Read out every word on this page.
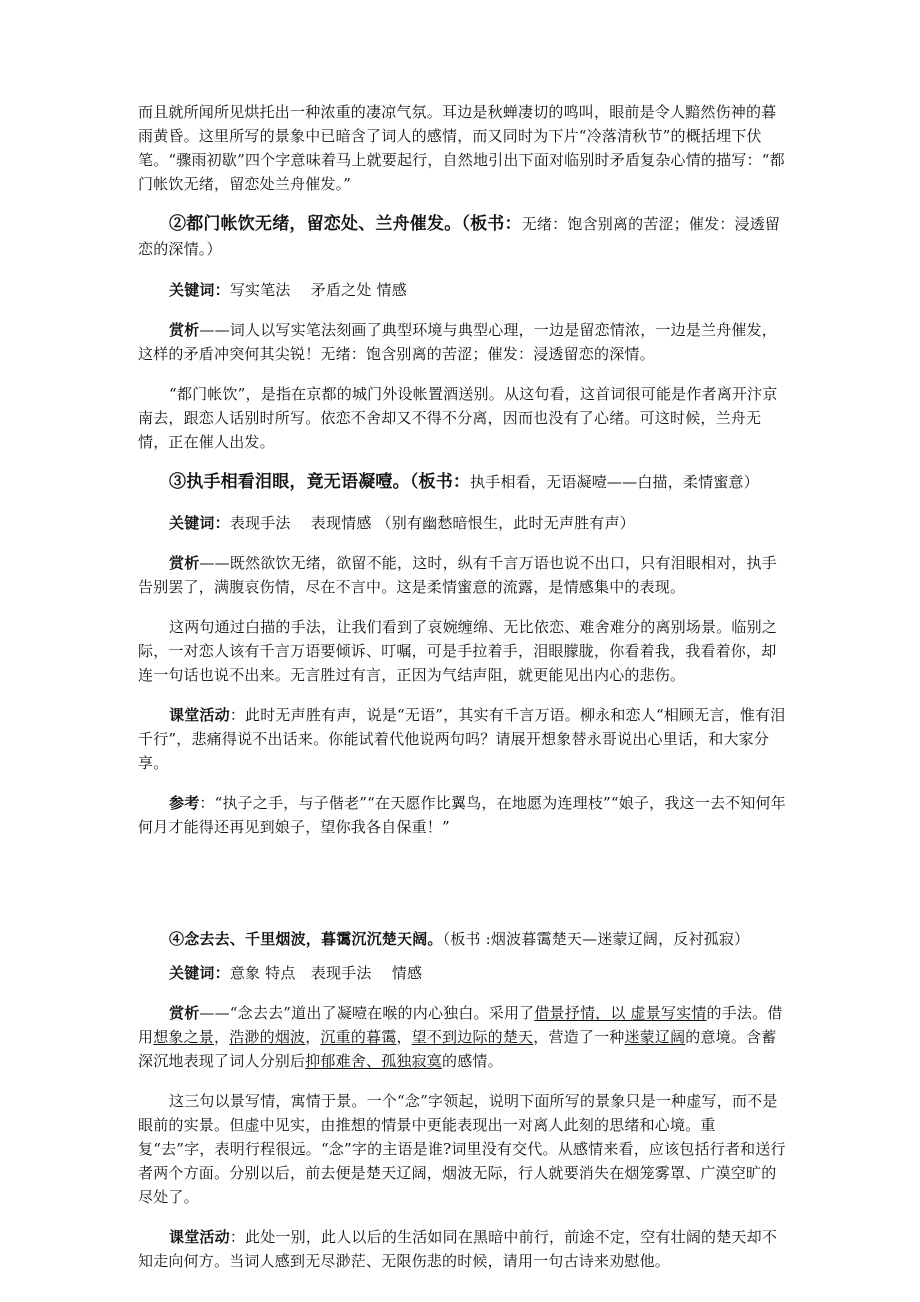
而且就所闻所见烘托出一种浓重的凄凉气氛。耳边是秋蝉凄切的鸣叫，眼前是令人黯然伤神的暮雨黄昏。这里所写的景象中已暗含了词人的感情，而又同时为下片“冷落清秋节”的概括埋下伏笔。“骤雨初歇”四个字意味着马上就要起行，自然地引出下面对临别时矛盾复杂心情的描写：“都门帐饮无绪，留恋处兰舟催发。”

②都门帐饮无绪，留恋处、兰舟催发。（板书：无绪：饱含别离的苦涩；催发：浸透留恋的深情。）

关键词：写实笔法　 矛盾之处 情感

赏析——词人以写实笔法刻画了典型环境与典型心理，一边是留恋情浓，一边是兰舟催发，这样的矛盾冲突何其尖锐！无绪：饱含别离的苦涩；催发：浸透留恋的深情。

“都门帐饮”，是指在京都的城门外设帐置酒送别。从这句看，这首词很可能是作者离开汴京南去，跟恋人话别时所写。依恋不舍却又不得不分离，因而也没有了心绪。可这时候，兰舟无情，正在催人出发。

③执手相看泪眼，竟无语凝噎。（板书：执手相看，无语凝噎——白描，柔情蜜意）

关键词：表现手法　 表现情感 （别有幽愁暗恨生，此时无声胜有声）

赏析——既然欲饮无绪，欲留不能，这时，纵有千言万语也说不出口，只有泪眼相对，执手告别罢了，满腹哀伤情，尽在不言中。这是柔情蜜意的流露，是情感集中的表现。

这两句通过白描的手法，让我们看到了哀婉缠绵、无比依恋、难舍难分的离别场景。临别之际，一对恋人该有千言万语要倾诉、叮嘱，可是手拉着手，泪眼朦胧，你看着我，我看着你，却连一句话也说不出来。无言胜过有言，正因为气结声阻，就更能见出内心的悲伤。

课堂活动：此时无声胜有声，说是“无语”，其实有千言万语。柳永和恋人“相顾无言，惟有泪千行”，悲痛得说不出话来。你能试着代他说两句吗？请展开想象替永哥说出心里话，和大家分享。

参考：“执子之手，与子偕老”“在天愿作比翼鸟，在地愿为连理枝”“娘子，我这一去不知何年何月才能得还再见到娘子，望你我各自保重！”

④念去去、千里烟波，暮霭沉沉楚天阔。（板书 :烟波暮霭楚天—迷蒙辽阔，反衬孤寂）

关键词：意象 特点　表现手法　 情感

赏析——“念去去”道出了凝噎在喉的内心独白。采用了借景抒情，以 虚景写实情的手法。借用想象之景，浩渺的烟波，沉重的暮霭，望不到边际的楚天，营造了一种迷蒙辽阔的意境。含蓄深沉地表现了词人分别后抑郁难舍、孤独寂寞的感情。

这三句以景写情，寓情于景。一个“念”字领起，说明下面所写的景象只是一种虚写，而不是眼前的实景。但虚中见实，由推想的情景中更能表现出一对离人此刻的思绪和心境。重复“去”字，表明行程很远。“念”字的主语是谁?词里没有交代。从感情来看，应该包括行者和送行者两个方面。分别以后，前去便是楚天辽阔，烟波无际，行人就要消失在烟笼雾罩、广漠空旷的尽处了。

课堂活动：此处一别，此人以后的生活如同在黑暗中前行，前途不定，空有壮阔的楚天却不知走向何方。当词人感到无尽渺茫、无限伤悲的时候，请用一句古诗来劝慰他。
